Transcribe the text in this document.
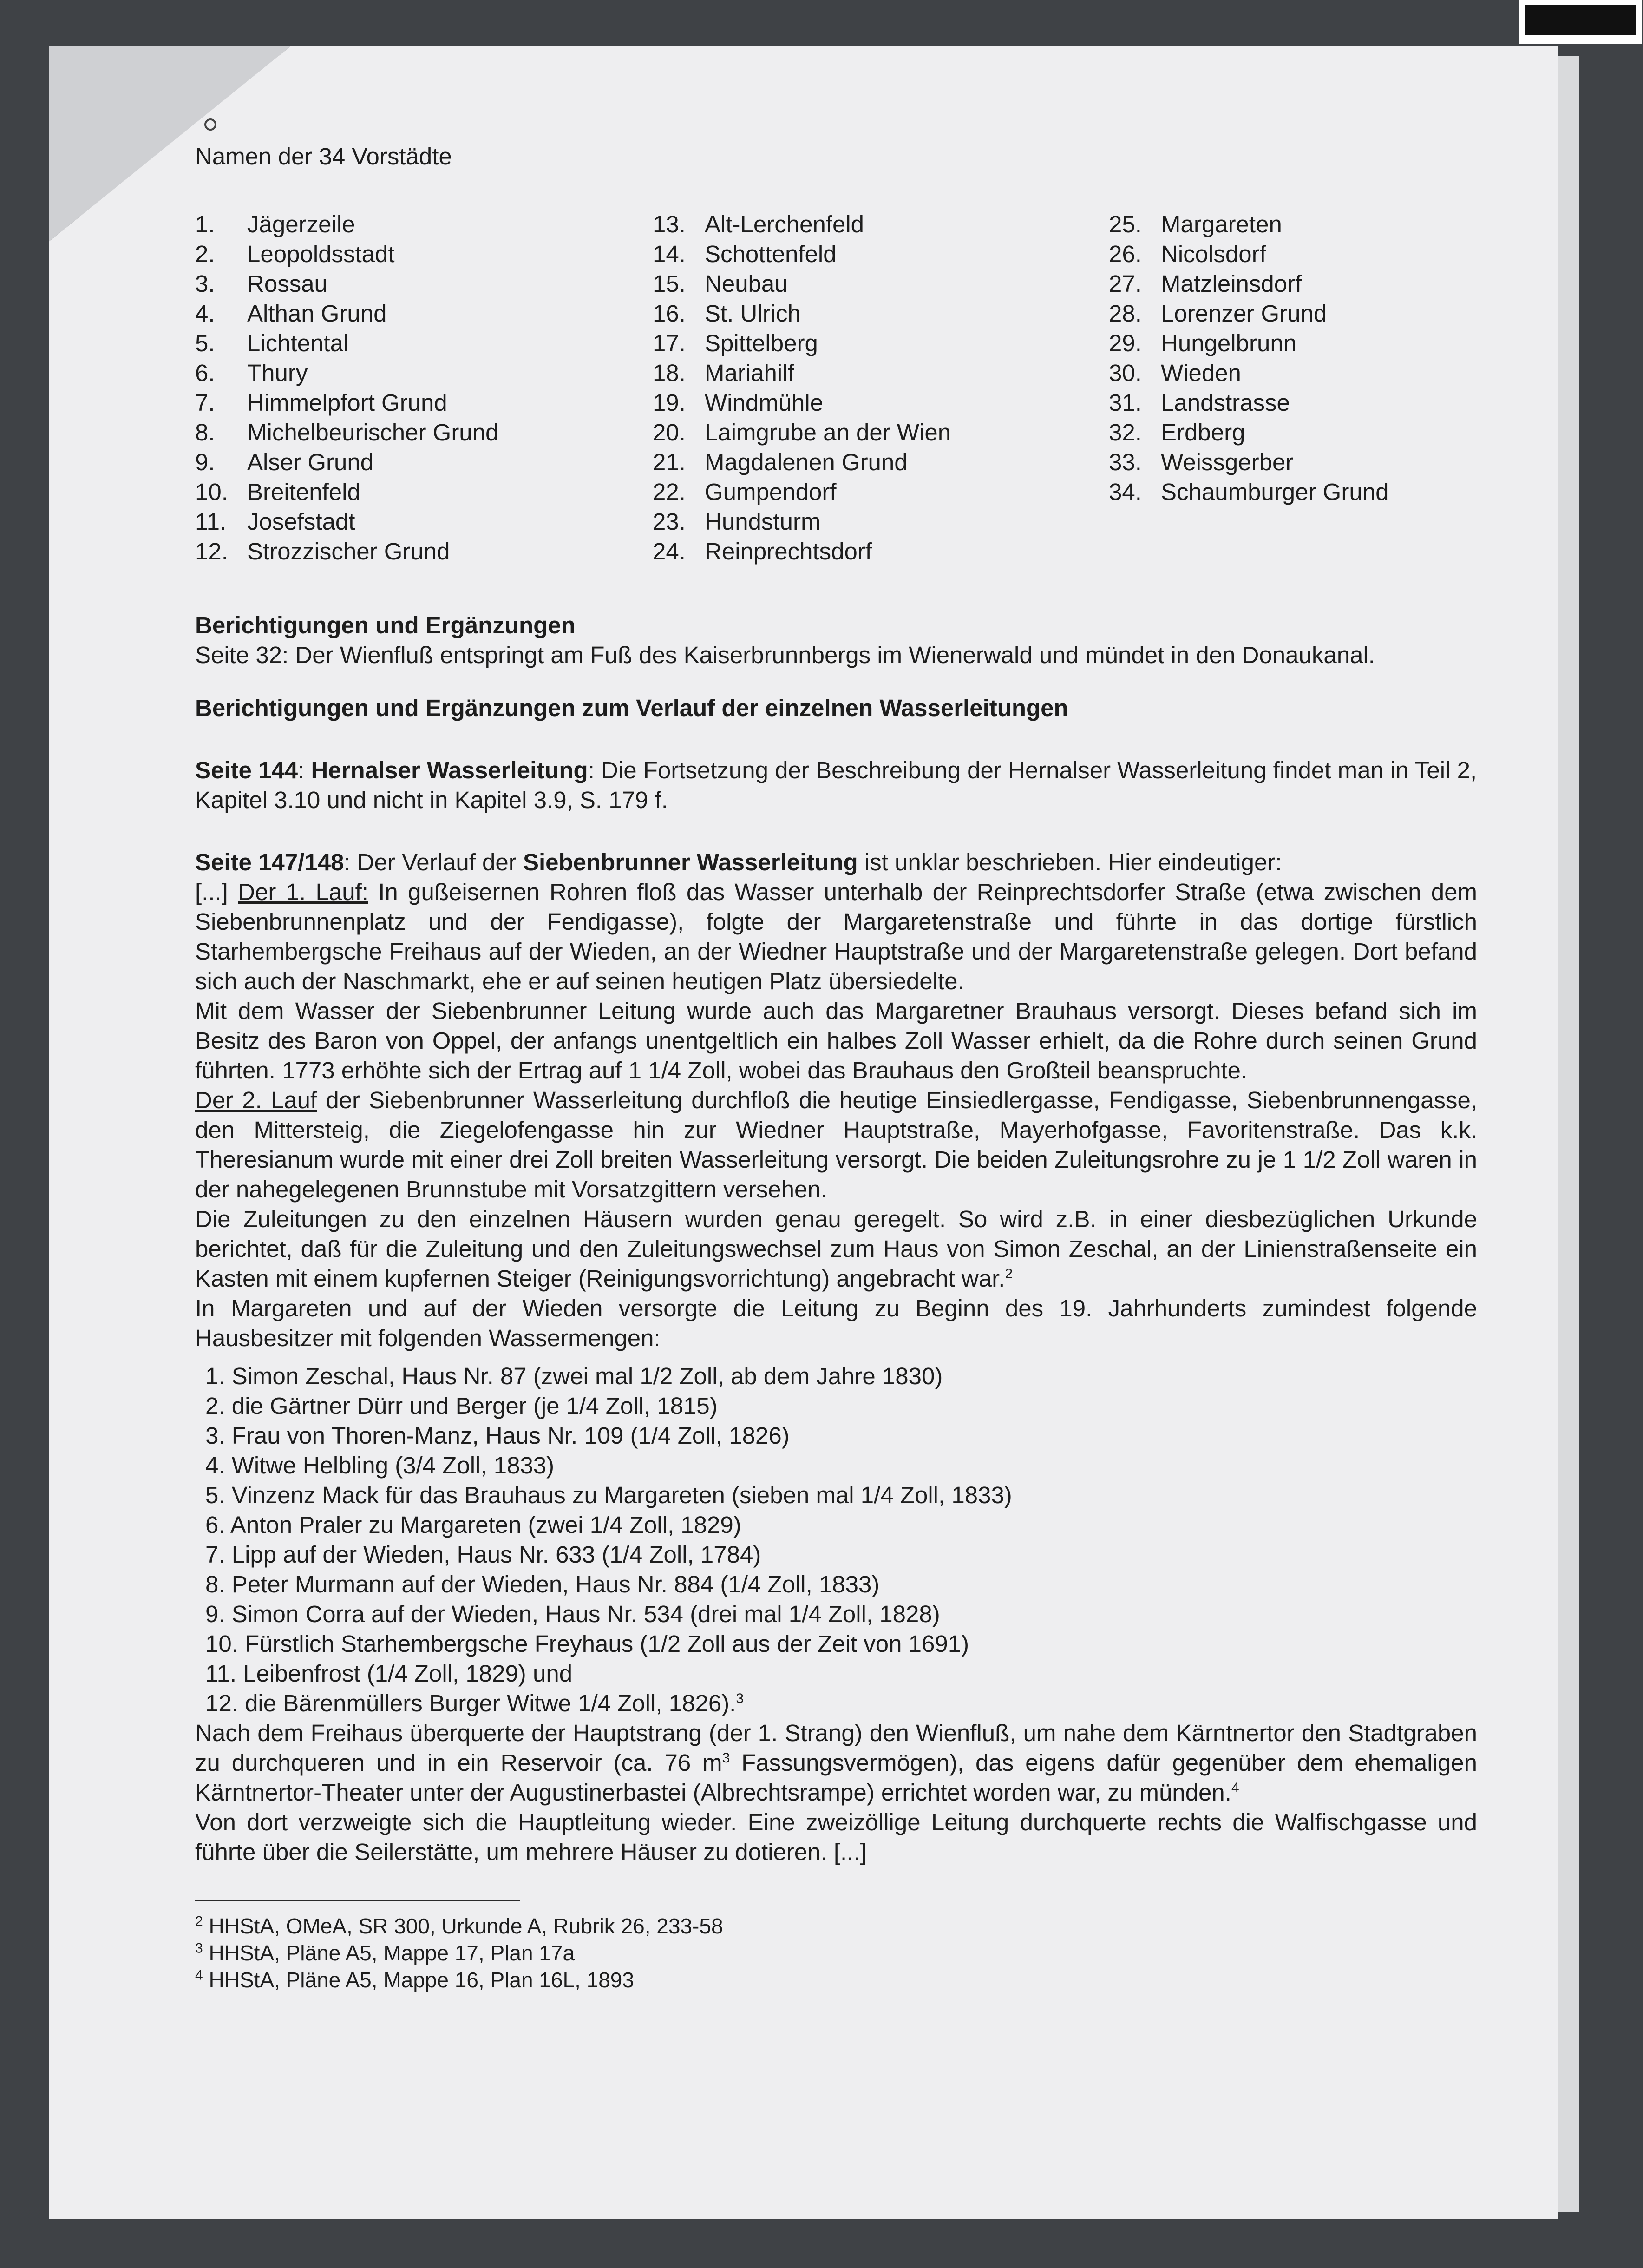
Namen der 34 Vorstädte

1. Jägerzeile
2. Leopoldsstadt
3. Rossau
4. Althan Grund
5. Lichtental
6. Thury
7. Himmelpfort Grund
8. Michelbeurischer Grund
9. Alser Grund
10. Breitenfeld
11. Josefstadt
12. Strozzischer Grund
13. Alt-Lerchenfeld
14. Schottenfeld
15. Neubau
16. St. Ulrich
17. Spittelberg
18. Mariahilf
19. Windmühle
20. Laimgrube an der Wien
21. Magdalenen Grund
22. Gumpendorf
23. Hundsturm
24. Reinprechtsdorf
25. Margareten
26. Nicolsdorf
27. Matzleinsdorf
28. Lorenzer Grund
29. Hungelbrunn
30. Wieden
31. Landstrasse
32. Erdberg
33. Weissgerber
34. Schaumburger Grund

Berichtigungen und Ergänzungen

Seite 32: Der Wienfluß entspringt am Fuß des Kaiserbrunnbergs im Wienerwald und mündet in den Donaukanal.

Berichtigungen und Ergänzungen zum Verlauf der einzelnen Wasserleitungen

Seite 144: Hernalser Wasserleitung: Die Fortsetzung der Beschreibung der Hernalser Wasserleitung findet man in Teil 2, Kapitel 3.10 und nicht in Kapitel 3.9, S. 179 f.

Seite 147/148: Der Verlauf der Siebenbrunner Wasserleitung ist unklar beschrieben. Hier eindeutiger:

[...] Der 1. Lauf: In gußeisernen Rohren floß das Wasser unterhalb der Reinprechtsdorfer Straße (etwa zwischen dem Siebenbrunnenplatz und der Fendigasse), folgte der Margaretenstraße und führte in das dortige fürstlich Starhembergsche Freihaus auf der Wieden, an der Wiedner Hauptstraße und der Margaretenstraße gelegen. Dort befand sich auch der Naschmarkt, ehe er auf seinen heutigen Platz übersiedelte.

Mit dem Wasser der Siebenbrunner Leitung wurde auch das Margaretner Brauhaus versorgt. Dieses befand sich im Besitz des Baron von Oppel, der anfangs unentgeltlich ein halbes Zoll Wasser erhielt, da die Rohre durch seinen Grund führten. 1773 erhöhte sich der Ertrag auf 1 1/4 Zoll, wobei das Brauhaus den Großteil beanspruchte.

Der 2. Lauf der Siebenbrunner Wasserleitung durchfloß die heutige Einsiedlergasse, Fendigasse, Siebenbrunnengasse, den Mittersteig, die Ziegelofengasse hin zur Wiedner Hauptstraße, Mayerhofgasse, Favoritenstraße. Das k.k. Theresianum wurde mit einer drei Zoll breiten Wasserleitung versorgt. Die beiden Zuleitungsrohre zu je 1 1/2 Zoll waren in der nahegelegenen Brunnstube mit Vorsatzgittern versehen.

Die Zuleitungen zu den einzelnen Häusern wurden genau geregelt. So wird z.B. in einer diesbezüglichen Urkunde berichtet, daß für die Zuleitung und den Zuleitungswechsel zum Haus von Simon Zeschal, an der Linienstraßenseite ein Kasten mit einem kupfernen Steiger (Reinigungsvorrichtung) angebracht war.$^2$

In Margareten und auf der Wieden versorgte die Leitung zu Beginn des 19. Jahrhunderts zumindest folgende Hausbesitzer mit folgenden Wassermengen:

1. Simon Zeschal, Haus Nr. 87 (zwei mal 1/2 Zoll, ab dem Jahre 1830)
2. die Gärtner Dürr und Berger (je 1/4 Zoll, 1815)
3. Frau von Thoren-Manz, Haus Nr. 109 (1/4 Zoll, 1826)
4. Witwe Helbling (3/4 Zoll, 1833)
5. Vinzenz Mack für das Brauhaus zu Margareten (sieben mal 1/4 Zoll, 1833)
6. Anton Praler zu Margareten (zwei 1/4 Zoll, 1829)
7. Lipp auf der Wieden, Haus Nr. 633 (1/4 Zoll, 1784)
8. Peter Murmann auf der Wieden, Haus Nr. 884 (1/4 Zoll, 1833)
9. Simon Corra auf der Wieden, Haus Nr. 534 (drei mal 1/4 Zoll, 1828)
10. Fürstlich Starhembergsche Freyhaus (1/2 Zoll aus der Zeit von 1691)
11. Leibenfrost (1/4 Zoll, 1829) und
12. die Bärenmüllers Burger Witwe 1/4 Zoll, 1826).$^3$

Nach dem Freihaus überquerte der Hauptstrang (der 1. Strang) den Wienfluß, um nahe dem Kärntnertor den Stadtgraben zu durchqueren und in ein Reservoir (ca. 76 $m^3$ Fassungsvermögen), das eigens dafür gegenüber dem ehemaligen Kärntnertor-Theater unter der Augustinerbastei (Albrechtsrampe) errichtet worden war, zu münden.$^4$

Von dort verzweigte sich die Hauptleitung wieder. Eine zweizöllige Leitung durchquerte rechts die Walfischgasse und führte über die Seilerstätte, um mehrere Häuser zu dotieren. [...]

$^2$ HHStA, OMeA, SR 300, Urkunde A, Rubrik 26, 233-58

$^3$ HHStA, Pläne A5, Mappe 17, Plan 17a

$^4$ HHStA, Pläne A5, Mappe 16, Plan 16L, 1893
